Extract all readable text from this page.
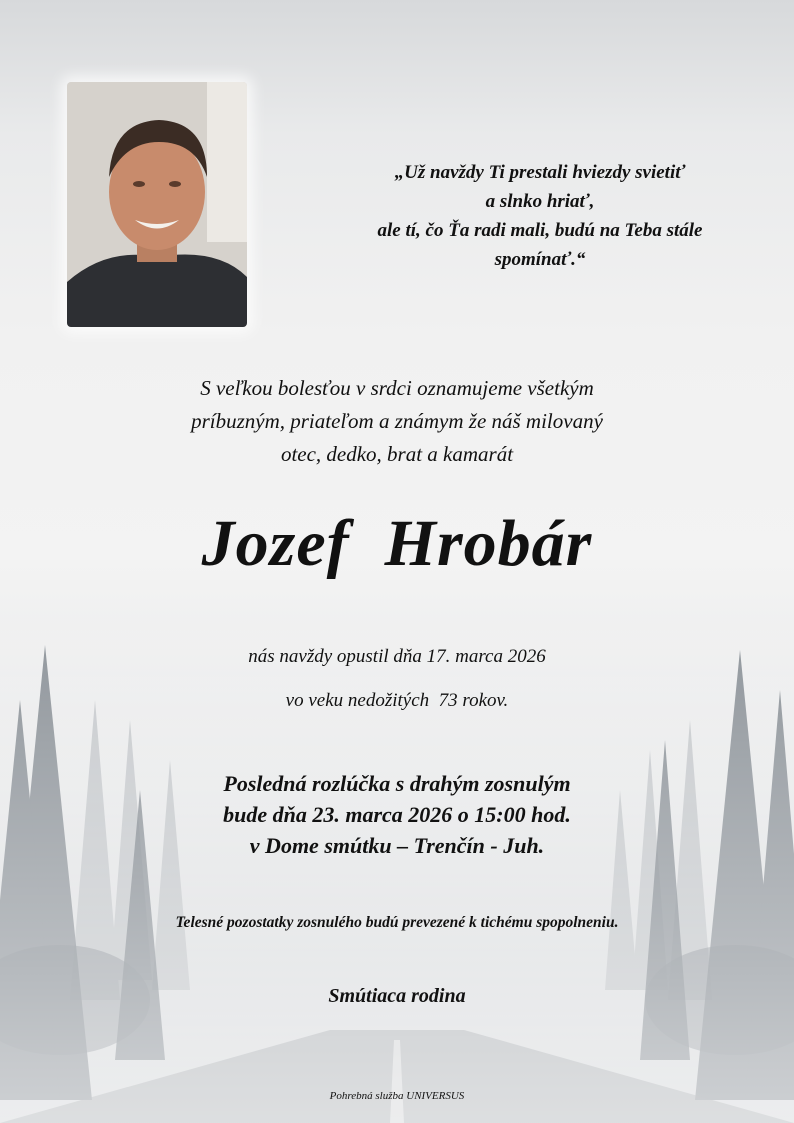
„Už navždy Ti prestali hviezdy svietiť
a slnko hriať,
ale tí, čo Ťa radi mali, budú na Teba stále
spomínať.“
S veľkou bolesťou v srdci oznamujeme všetkým
príbuzným, priateľom a známym že náš milovaný
otec, dedko, brat a kamarát
Jozef  Hrobár
nás navždy opustil dňa 17. marca 2026
vo veku nedožitých  73 rokov.
Posledná rozlúčka s drahým zosnulým
bude dňa 23. marca 2026 o 15:00 hod.
v Dome smútku – Trenčín - Juh.
Telesné pozostatky zosnulého budú prevezené k tichému spopolneniu.
Smútiaca rodina
Pohrebná služba UNIVERSUS
